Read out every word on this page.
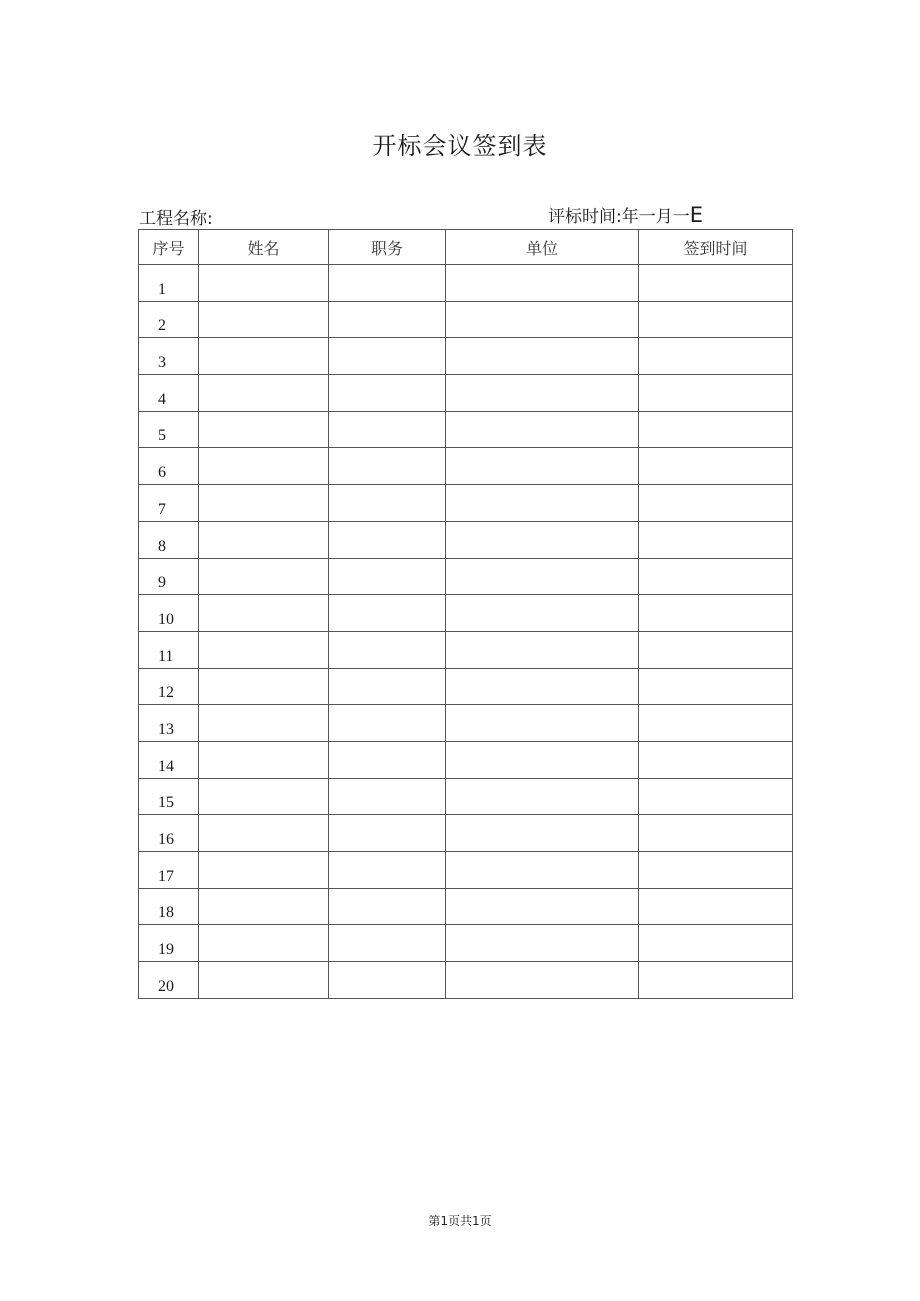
开标会议签到表
工程名称:	评标时间:年一月一E
序号	姓名	职务	单位	签到时间
1				
2				
3				
4				
5				
6				
7				
8				
9				
10				
11				
12				
13				
14				
15				
16				
17				
18				
19				
20				
第1页共1页
